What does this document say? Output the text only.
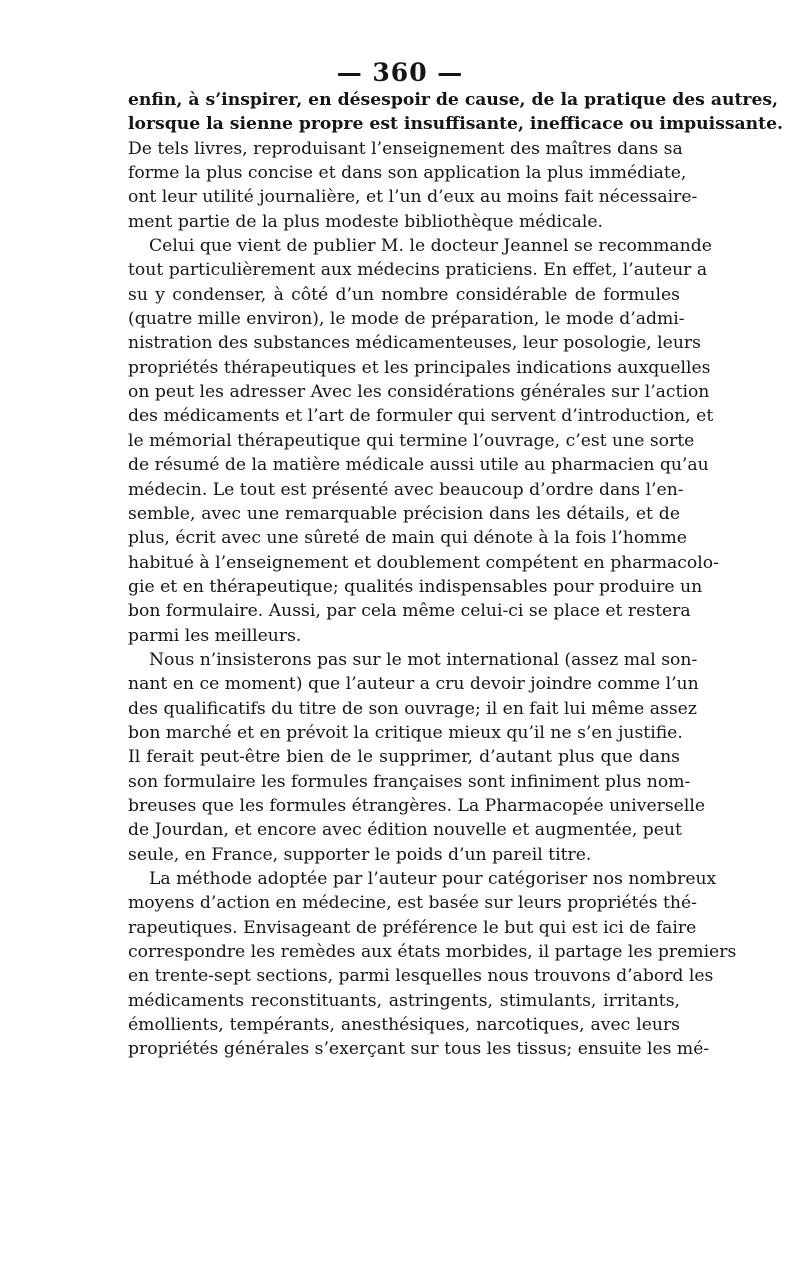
— 360 —
enfin, à s’inspirer, en désespoir de cause, de la pratique des autres,
lorsque la sienne propre est insuffisante, inefficace ou impuissante.
De tels livres, reproduisant l’enseignement des maîtres dans sa
forme la plus concise et dans son application la plus immédiate,
ont leur utilité journalière, et l’un d’eux au moins fait nécessaire-
ment partie de la plus modeste bibliothèque médicale.
Celui que vient de publier M. le docteur Jeannel se recommande
tout particulièrement aux médecins praticiens. En effet, l’auteur a
su y condenser, à côté d’un nombre considérable de formules
(quatre mille environ), le mode de préparation, le mode d’admi-
nistration des substances médicamenteuses, leur posologie, leurs
propriétés thérapeutiques et les principales indications auxquelles
on peut les adresser Avec les considérations générales sur l’action
des médicaments et l’art de formuler qui servent d’introduction, et
le mémorial thérapeutique qui termine l’ouvrage, c’est une sorte
de résumé de la matière médicale aussi utile au pharmacien qu’au
médecin. Le tout est présenté avec beaucoup d’ordre dans l’en-
semble, avec une remarquable précision dans les détails, et de
plus, écrit avec une sûreté de main qui dénote à la fois l’homme
habitué à l’enseignement et doublement compétent en pharmacolo-
gie et en thérapeutique; qualités indispensables pour produire un
bon formulaire. Aussi, par cela même celui-ci se place et restera
parmi les meilleurs.
Nous n’insisterons pas sur le mot international (assez mal son-
nant en ce moment) que l’auteur a cru devoir joindre comme l’un
des qualificatifs du titre de son ouvrage; il en fait lui même assez
bon marché et en prévoit la critique mieux qu’il ne s’en justifie.
Il ferait peut-être bien de le supprimer, d’autant plus que dans
son formulaire les formules françaises sont infiniment plus nom-
breuses que les formules étrangères. La Pharmacopée universelle
de Jourdan, et encore avec édition nouvelle et augmentée, peut
seule, en France, supporter le poids d’un pareil titre.
La méthode adoptée par l’auteur pour catégoriser nos nombreux
moyens d’action en médecine, est basée sur leurs propriétés thé-
rapeutiques. Envisageant de préférence le but qui est ici de faire
correspondre les remèdes aux états morbides, il partage les premiers
en trente-sept sections, parmi lesquelles nous trouvons d’abord les
médicaments reconstituants, astringents, stimulants, irritants,
émollients, tempérants, anesthésiques, narcotiques, avec leurs
propriétés générales s’exerçant sur tous les tissus; ensuite les mé-
